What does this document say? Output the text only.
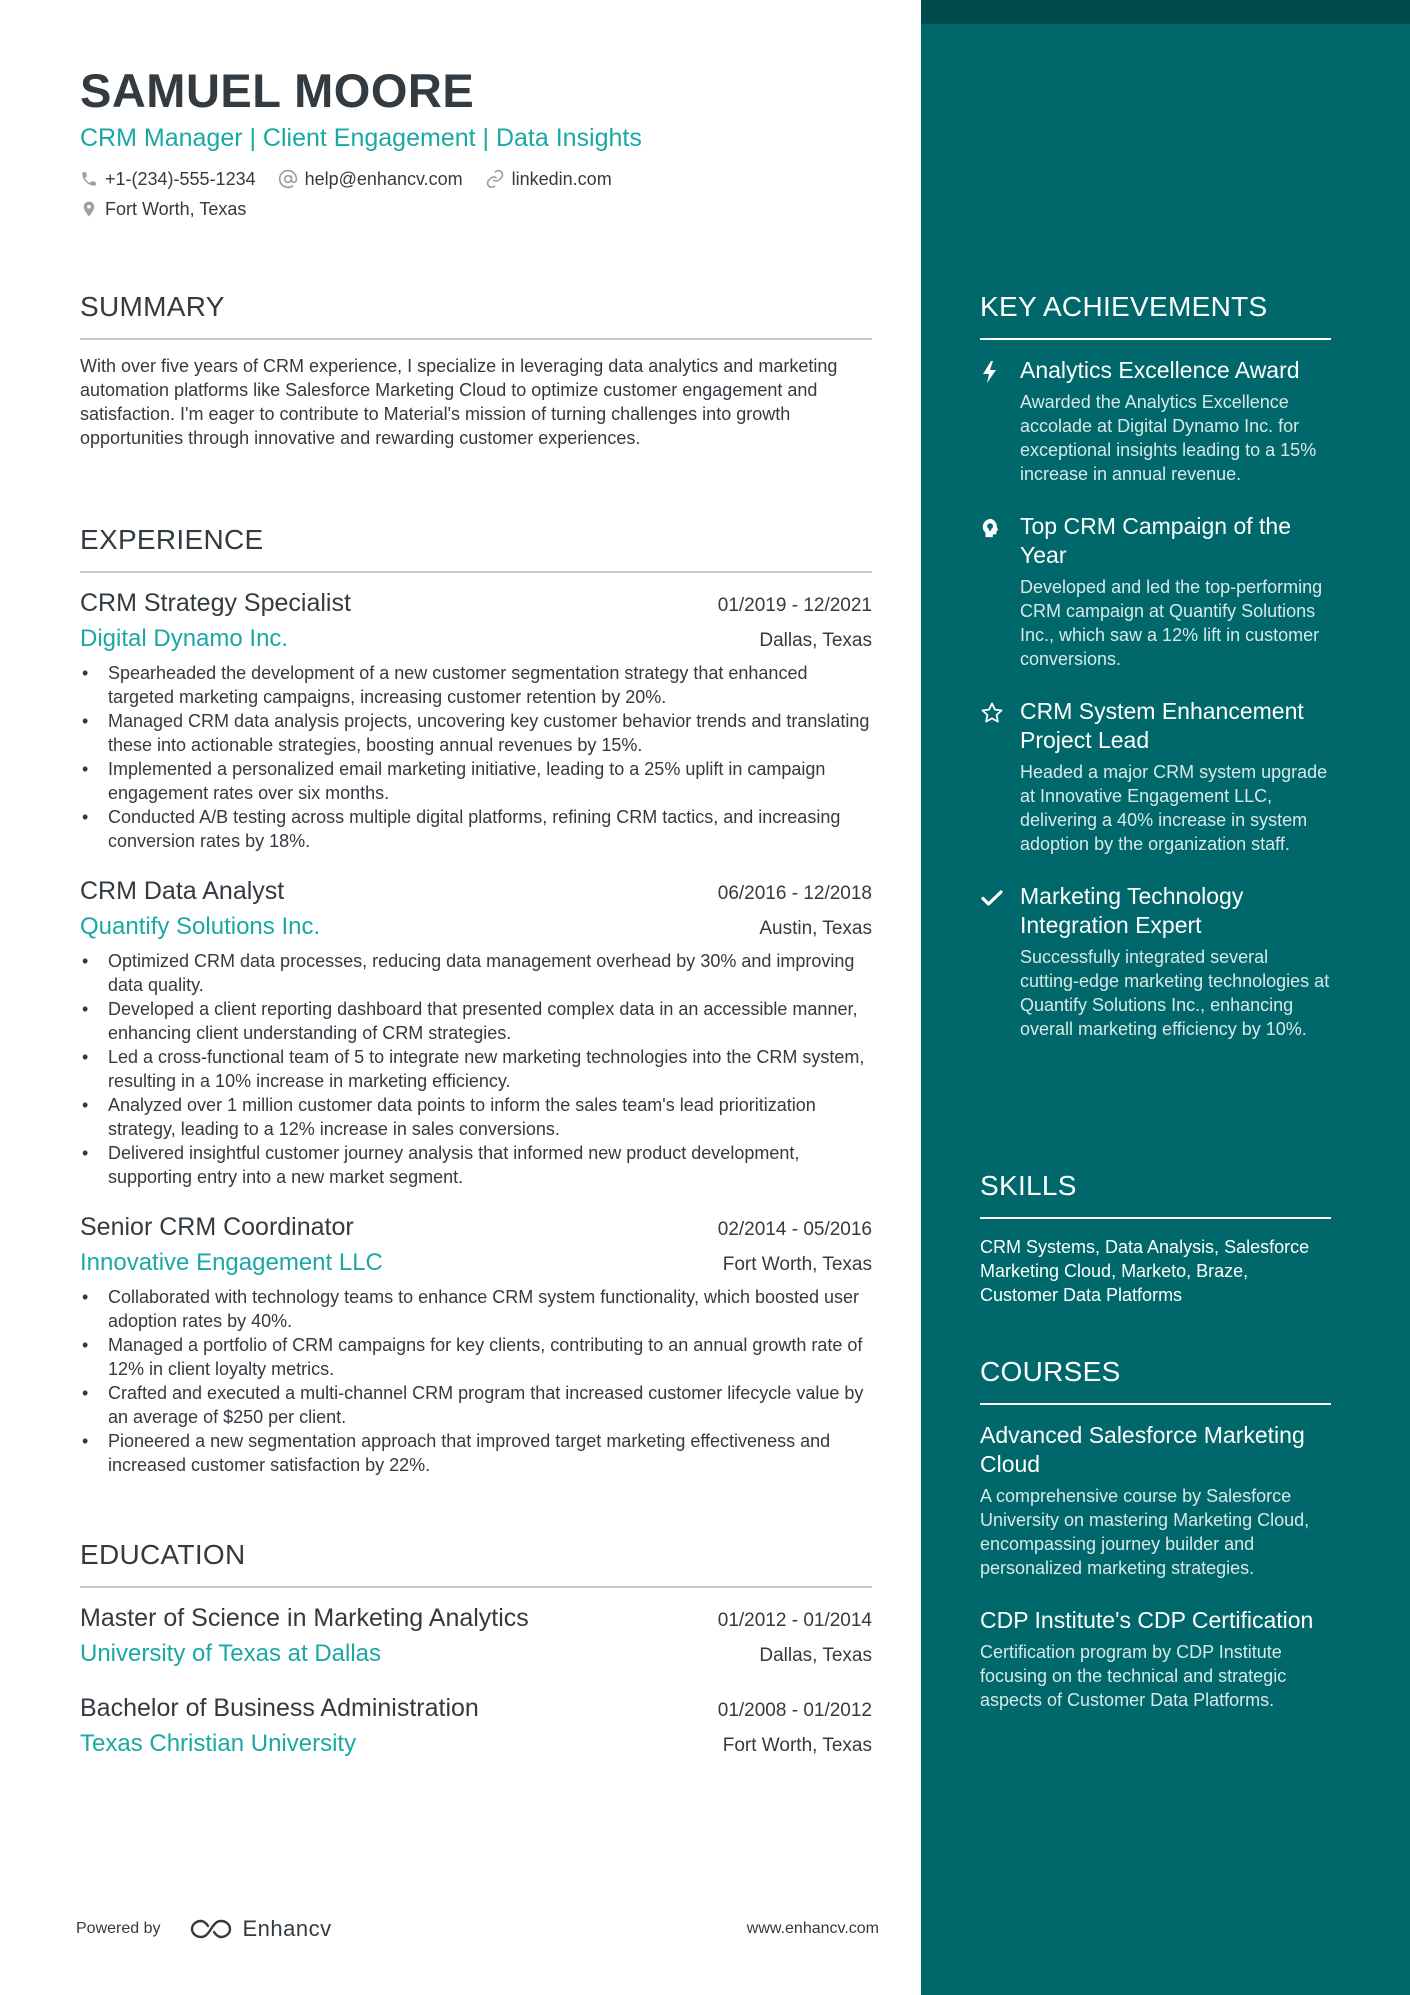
SAMUEL MOORE
CRM Manager | Client Engagement | Data Insights
+1-(234)-555-1234	help@enhancv.com	linkedin.com
Fort Worth, Texas
SUMMARY
With over five years of CRM experience, I specialize in leveraging data analytics and marketing automation platforms like Salesforce Marketing Cloud to optimize customer engagement and satisfaction. I'm eager to contribute to Material's mission of turning challenges into growth opportunities through innovative and rewarding customer experiences.
EXPERIENCE
CRM Strategy Specialist	01/2019 - 12/2021
Digital Dynamo Inc.	Dallas, Texas
• Spearheaded the development of a new customer segmentation strategy that enhanced targeted marketing campaigns, increasing customer retention by 20%.
• Managed CRM data analysis projects, uncovering key customer behavior trends and translating these into actionable strategies, boosting annual revenues by 15%.
• Implemented a personalized email marketing initiative, leading to a 25% uplift in campaign engagement rates over six months.
• Conducted A/B testing across multiple digital platforms, refining CRM tactics, and increasing conversion rates by 18%.
CRM Data Analyst	06/2016 - 12/2018
Quantify Solutions Inc.	Austin, Texas
• Optimized CRM data processes, reducing data management overhead by 30% and improving data quality.
• Developed a client reporting dashboard that presented complex data in an accessible manner, enhancing client understanding of CRM strategies.
• Led a cross-functional team of 5 to integrate new marketing technologies into the CRM system, resulting in a 10% increase in marketing efficiency.
• Analyzed over 1 million customer data points to inform the sales team's lead prioritization strategy, leading to a 12% increase in sales conversions.
• Delivered insightful customer journey analysis that informed new product development, supporting entry into a new market segment.
Senior CRM Coordinator	02/2014 - 05/2016
Innovative Engagement LLC	Fort Worth, Texas
• Collaborated with technology teams to enhance CRM system functionality, which boosted user adoption rates by 40%.
• Managed a portfolio of CRM campaigns for key clients, contributing to an annual growth rate of 12% in client loyalty metrics.
• Crafted and executed a multi-channel CRM program that increased customer lifecycle value by an average of $250 per client.
• Pioneered a new segmentation approach that improved target marketing effectiveness and increased customer satisfaction by 22%.
EDUCATION
Master of Science in Marketing Analytics	01/2012 - 01/2014
University of Texas at Dallas	Dallas, Texas
Bachelor of Business Administration	01/2008 - 01/2012
Texas Christian University	Fort Worth, Texas
Powered by	Enhancv	www.enhancv.com
KEY ACHIEVEMENTS
Analytics Excellence Award
Awarded the Analytics Excellence accolade at Digital Dynamo Inc. for exceptional insights leading to a 15% increase in annual revenue.
Top CRM Campaign of the Year
Developed and led the top-performing CRM campaign at Quantify Solutions Inc., which saw a 12% lift in customer conversions.
CRM System Enhancement Project Lead
Headed a major CRM system upgrade at Innovative Engagement LLC, delivering a 40% increase in system adoption by the organization staff.
Marketing Technology Integration Expert
Successfully integrated several cutting-edge marketing technologies at Quantify Solutions Inc., enhancing overall marketing efficiency by 10%.
SKILLS
CRM Systems, Data Analysis, Salesforce Marketing Cloud, Marketo, Braze, Customer Data Platforms
COURSES
Advanced Salesforce Marketing Cloud
A comprehensive course by Salesforce University on mastering Marketing Cloud, encompassing journey builder and personalized marketing strategies.
CDP Institute's CDP Certification
Certification program by CDP Institute focusing on the technical and strategic aspects of Customer Data Platforms.
